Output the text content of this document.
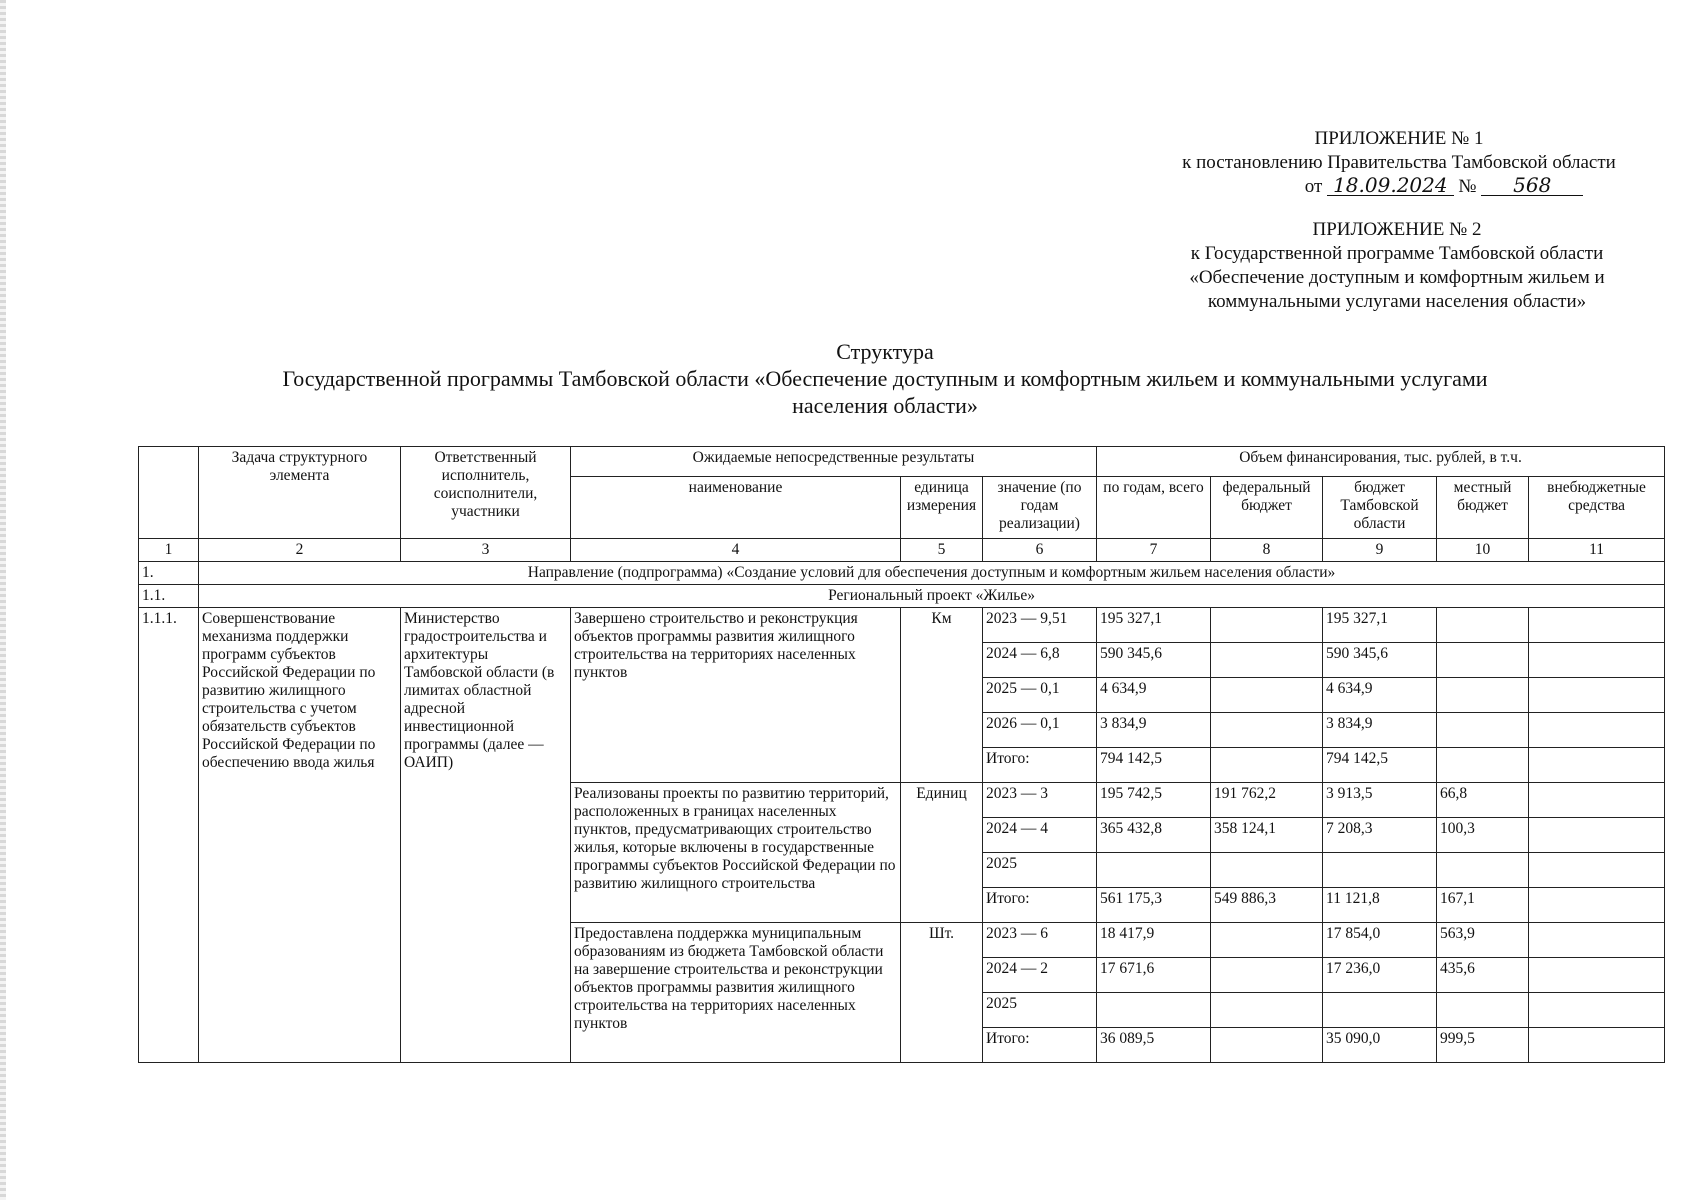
ПРИЛОЖЕНИЕ № 1
к постановлению Правительства Тамбовской области
от 18.09.2024 № 568
ПРИЛОЖЕНИЕ № 2
к Государственной программе Тамбовской области
«Обеспечение доступным и комфортным жильем и
коммунальными услугами населения области»
Структура
Государственной программы Тамбовской области «Обеспечение доступным и комфортным жильем и коммунальными услугами
населения области»
	Задача структурного элемента	Ответственный исполнитель, соисполнители, участники	Ожидаемые непосредственные результаты			Объем финансирования, тыс. рублей, в т.ч.				
			наименование	единица измерения	значение (по годам реализации)	по годам, всего	федеральный бюджет	бюджет Тамбовской области	местный бюджет	внебюджетные средства
1	2	3	4	5	6	7	8	9	10	11
1.	Направление (подпрограмма) «Создание условий для обеспечения доступным и комфортным жильем населения области»									
1.1.	Региональный проект «Жилье»									
1.1.1.	Совершенствование механизма поддержки программ субъектов Российской Федерации по развитию жилищного строительства с учетом обязательств субъектов Российской Федерации по обеспечению ввода жилья	Министерство градостроительства и архитектуры Тамбовской области (в лимитах областной адресной инвестиционной программы (далее — ОАИП)	Завершено строительство и реконструкция объектов программы развития жилищного строительства на территориях населенных пунктов	Км	2023 — 9,51	195 327,1		195 327,1		
					2024 — 6,8	590 345,6		590 345,6		
					2025 — 0,1	4 634,9		4 634,9		
					2026 — 0,1	3 834,9		3 834,9		
					Итого:	794 142,5		794 142,5		
			Реализованы проекты по развитию территорий, расположенных в границах населенных пунктов, предусматривающих строительство жилья, которые включены в государственные программы субъектов Российской Федерации по развитию жилищного строительства	Единиц	2023 — 3	195 742,5	191 762,2	3 913,5	66,8	
					2024 — 4	365 432,8	358 124,1	7 208,3	100,3	
					2025					
					Итого:	561 175,3	549 886,3	11 121,8	167,1	
			Предоставлена поддержка муниципальным образованиям из бюджета Тамбовской области на завершение строительства и реконструкции объектов программы развития жилищного строительства на территориях населенных пунктов	Шт.	2023 — 6	18 417,9		17 854,0	563,9	
					2024 — 2	17 671,6		17 236,0	435,6	
					2025					
					Итого:	36 089,5		35 090,0	999,5	
